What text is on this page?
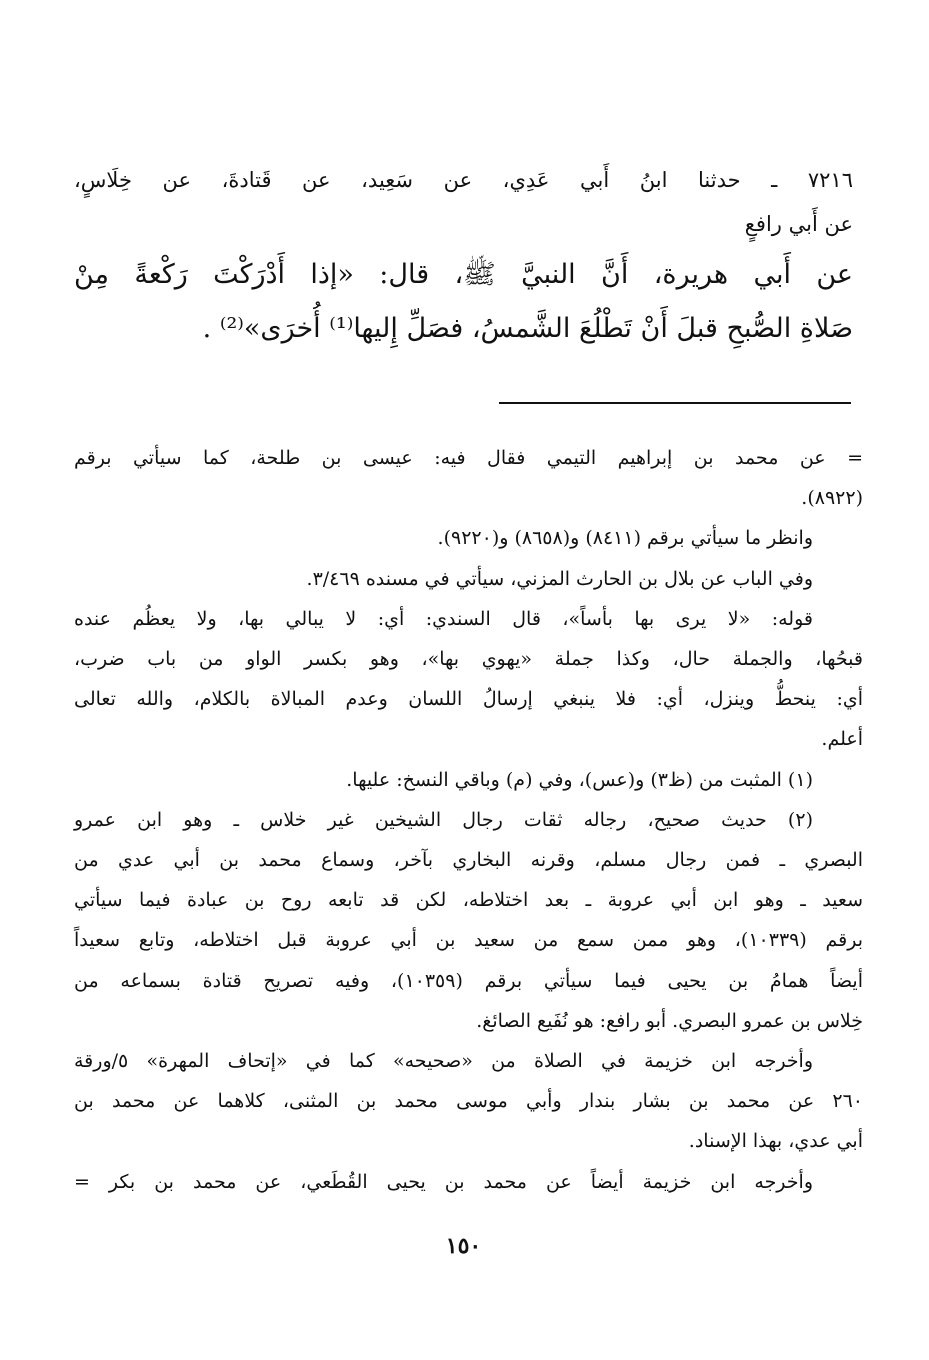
٧٢١٦ ـ حدثنا ابنُ أَبي عَدِي، عن سَعِيد، عن قَتادةَ، عن خِلَاسٍ،
عن أَبي رافعٍ
عن أَبي هريرة، أَنَّ النبيَّ ﷺ، قال: «إذا أَدْرَكْتَ رَكْعةً مِنْ
صَلاةِ الصُّبحِ قبلَ أَنْ تَطْلُعَ الشَّمسُ، فصَلِّ إِليها⁽¹⁾ أُخرَى»⁽²⁾ .
= عن محمد بن إبراهيم التيمي فقال فيه: عيسى بن طلحة، كما سيأتي برقم
(٨٩٢٢).
وانظر ما سيأتي برقم (٨٤١١) و(٨٦٥٨) و(٩٢٢٠).
وفي الباب عن بلال بن الحارث المزني، سيأتي في مسنده ٣/٤٦٩.
قوله: «لا يرى بها بأساً»، قال السندي: أي: لا يبالي بها، ولا يعظُم عنده
قبحُها، والجملة حال، وكذا جملة «يهوي بها»، وهو بكسر الواو من باب ضرب،
أي: ينحطُّ وينزل، أي: فلا ينبغي إرسالُ اللسان وعدم المبالاة بالكلام، والله تعالى
أعلم.
(١) المثبت من (ظ٣) و(عس)، وفي (م) وباقي النسخ: عليها.
(٢) حديث صحيح، رجاله ثقات رجال الشيخين غير خلاس ـ وهو ابن عمرو
البصري ـ فمن رجال مسلم، وقرنه البخاري بآخر، وسماع محمد بن أبي عدي من
سعيد ـ وهو ابن أبي عروبة ـ بعد اختلاطه، لكن قد تابعه روح بن عبادة فيما سيأتي
برقم (١٠٣٣٩)، وهو ممن سمع من سعيد بن أبي عروبة قبل اختلاطه، وتابع سعيداً
أيضاً همامُ بن يحيى فيما سيأتي برقم (١٠٣٥٩)، وفيه تصريح قتادة بسماعه من
خِلاس بن عمرو البصري. أبو رافع: هو نُفَيع الصائغ.
وأخرجه ابن خزيمة في الصلاة من «صحيحه» كما في «إتحاف المهرة» ٥/ورقة
٢٦٠ عن محمد بن بشار بندار وأبي موسى محمد بن المثنى، كلاهما عن محمد بن
أبي عدي، بهذا الإسناد.
وأخرجه ابن خزيمة أيضاً عن محمد بن يحيى القُطَعي، عن محمد بن بكر =
١٥٠
